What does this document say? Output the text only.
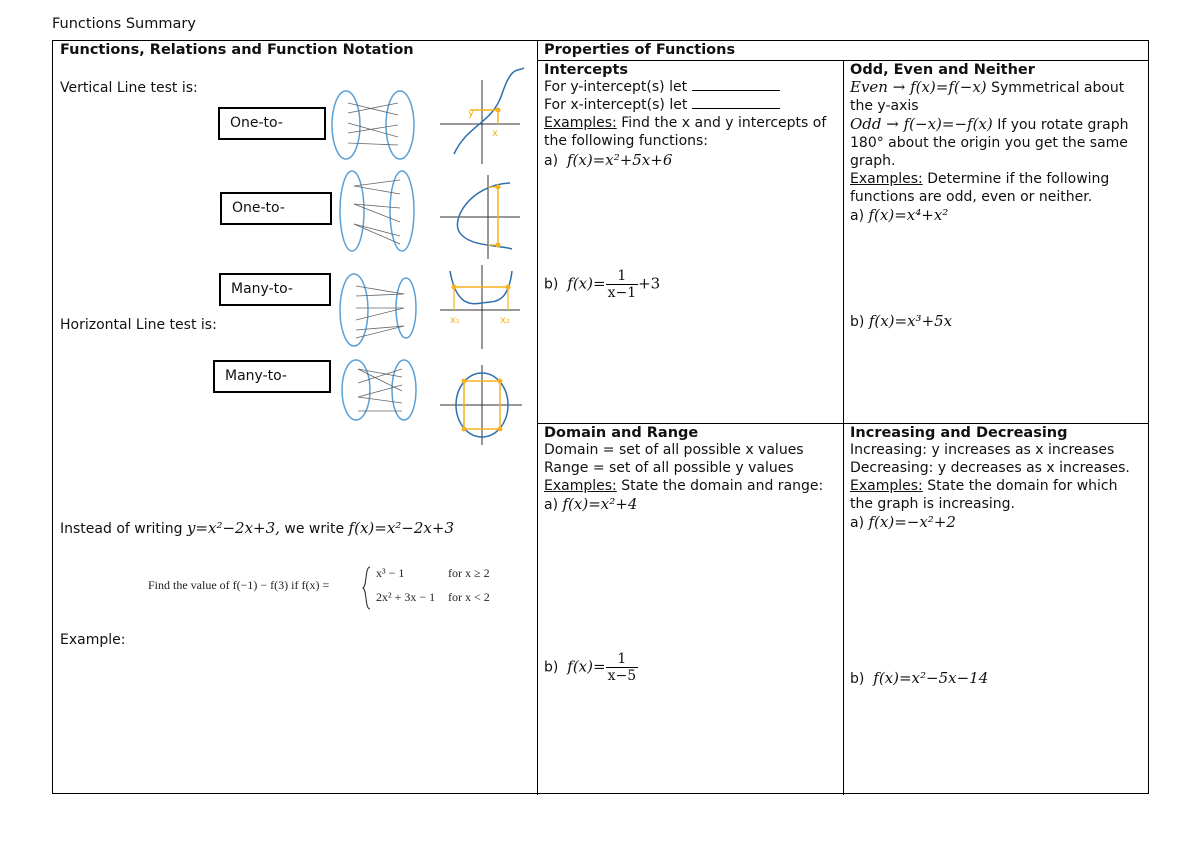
Functions Summary
Functions, Relations and Function Notation
Vertical Line test is:
Horizontal Line test is:
One-to-
One-to-
Many-to-
Many-to-
y
x
x₁	x₂
Instead of writing y=x²−2x+3, we write f(x)=x²−2x+3
Find the value of f(−1) − f(3) if f(x) =
x³ − 1	for x ≥ 2
2x² + 3x − 1 for x < 2
Example:
Properties of Functions
Intercepts
For y-intercept(s) let
For x-intercept(s) let
Examples: Find the x and y intercepts of the following functions:
a) f(x)=x²+5x+6
b) $f(x)= \frac{1}{x-1} +3$
Odd, Even and Neither
Even → f(x)=f(−x) Symmetrical about the y-axis
Odd → f(−x)=−f(x) If you rotate graph 180° about the origin you get the same graph.
Examples: Determine if the following functions are odd, even or neither.
a) f(x)=x⁴+x²
b) f(x)=x³+5x
Domain and Range
Domain = set of all possible x values
Range = set of all possible y values
Examples: State the domain and range:
a) f(x)=x²+4
b) $f(x)= \frac{1}{x-5}$
Increasing and Decreasing
Increasing: y increases as x increases
Decreasing: y decreases as x increases.
Examples: State the domain for which the graph is increasing.
a) f(x)=−x²+2
b) f(x)=x²−5x−14
